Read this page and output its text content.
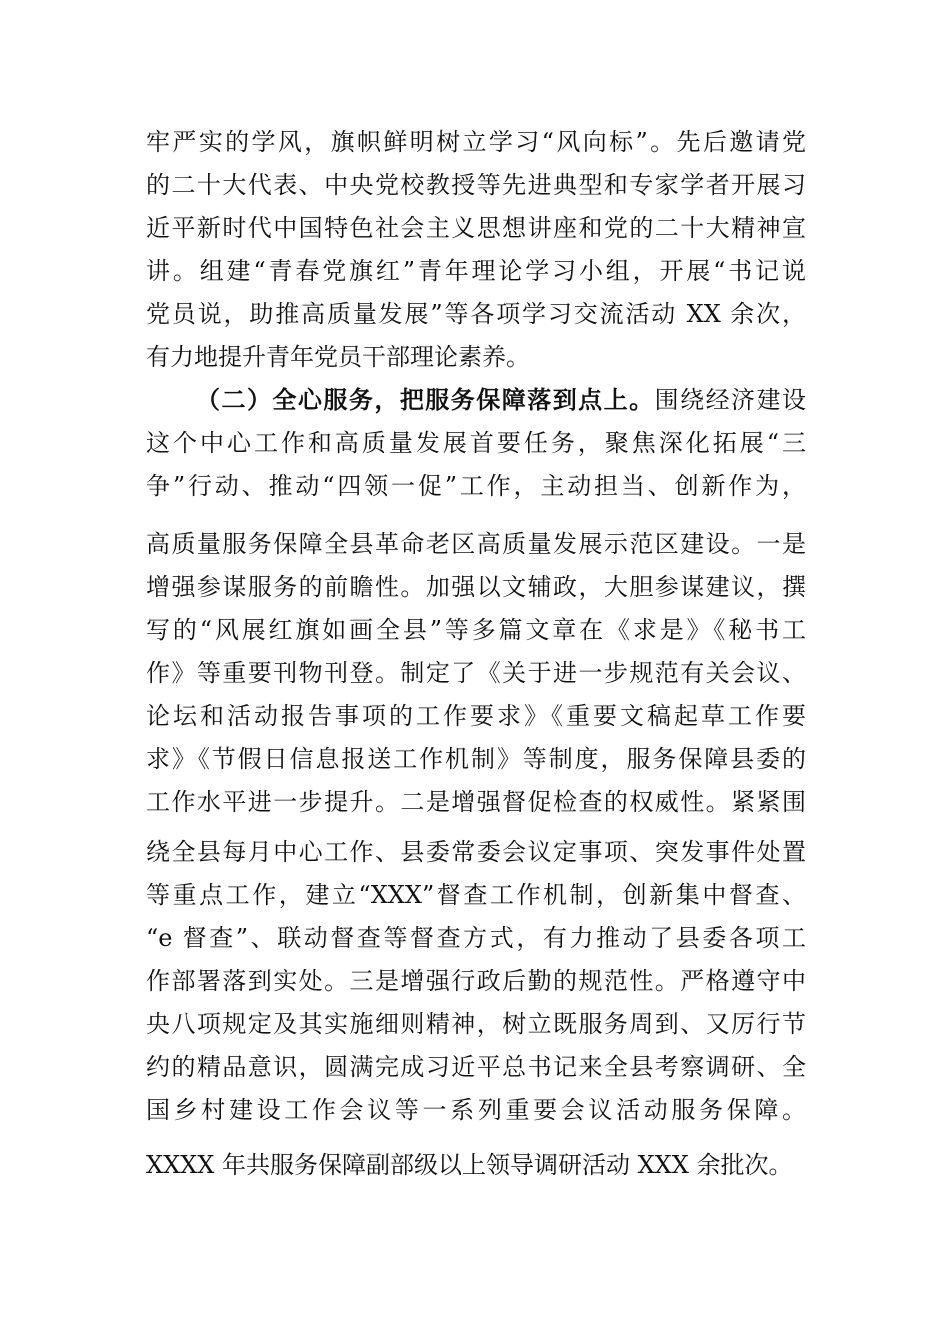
牢严实的学风，旗帜鲜明树立学习“风向标”。先后邀请党
的二十大代表、中央党校教授等先进典型和专家学者开展习
近平新时代中国特色社会主义思想讲座和党的二十大精神宣
讲。组建“青春党旗红”青年理论学习小组，开展“书记说
党员说，助推高质量发展”等各项学习交流活动 XX 余次，
有力地提升青年党员干部理论素养。
（二）全心服务，把服务保障落到点上。围绕经济建设
这个中心工作和高质量发展首要任务，聚焦深化拓展“三
争”行动、推动“四领一促”工作，主动担当、创新作为，
高质量服务保障全县革命老区高质量发展示范区建设。一是
增强参谋服务的前瞻性。加强以文辅政，大胆参谋建议，撰
写的“风展红旗如画全县”等多篇文章在《求是》《秘书工
作》等重要刊物刊登。制定了《关于进一步规范有关会议、
论坛和活动报告事项的工作要求》《重要文稿起草工作要
求》《节假日信息报送工作机制》等制度，服务保障县委的
工作水平进一步提升。二是增强督促检查的权威性。紧紧围
绕全县每月中心工作、县委常委会议定事项、突发事件处置
等重点工作，建立“XXX”督查工作机制，创新集中督查、
“e 督查”、联动督查等督查方式，有力推动了县委各项工
作部署落到实处。三是增强行政后勤的规范性。严格遵守中
央八项规定及其实施细则精神，树立既服务周到、又厉行节
约的精品意识，圆满完成习近平总书记来全县考察调研、全
国乡村建设工作会议等一系列重要会议活动服务保障。
XXXX 年共服务保障副部级以上领导调研活动 XXX 余批次。
